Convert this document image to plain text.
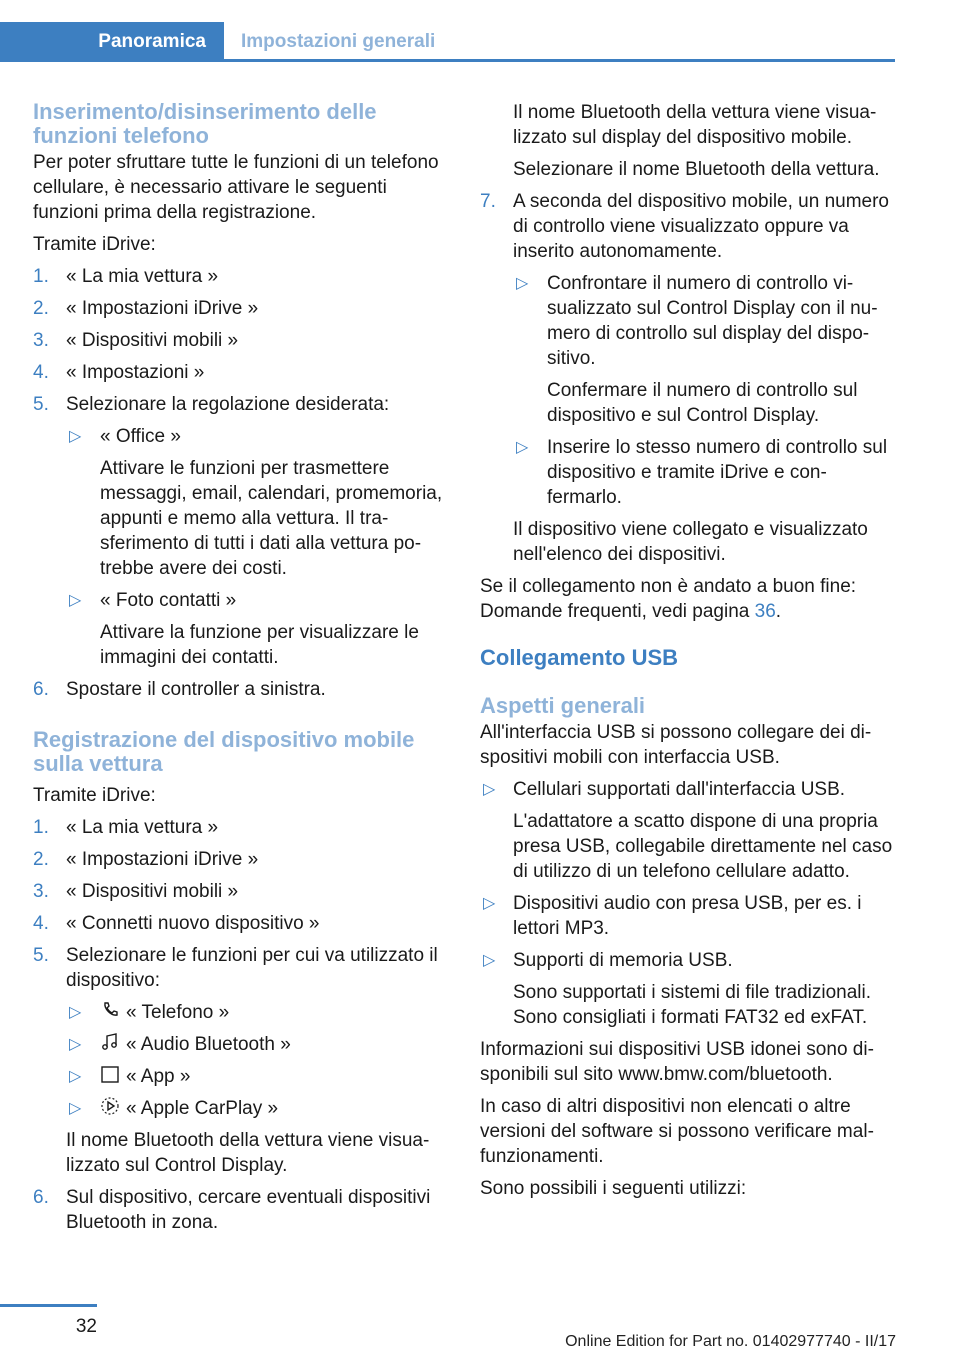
Panoramica	Impostazioni generali
Inserimento/disinserimento delle funzioni telefono

Per poter sfruttare tutte le funzioni di un telefono cellulare, è necessario attivare le seguenti funzioni prima della registrazione.

Tramite iDrive:

1. « La mia vettura »
2. « Impostazioni iDrive »
3. « Dispositivi mobili »
4. « Impostazioni »
5. Selezionare la regolazione desiderata:
▷ « Office »
Attivare le funzioni per trasmettere messaggi, email, calendari, promemoria, appunti e memo alla vettura. Il trasferimento di tutti i dati alla vettura potrebbe avere dei costi.
▷ « Foto contatti »
Attivare la funzione per visualizzare le immagini dei contatti.
6. Spostare il controller a sinistra.
Registrazione del dispositivo mobile sulla vettura

Tramite iDrive:

1. « La mia vettura »
2. « Impostazioni iDrive »
3. « Dispositivi mobili »
4. « Connetti nuovo dispositivo »
5. Selezionare le funzioni per cui va utilizzato il dispositivo:
▷ « Telefono »
▷ « Audio Bluetooth »
▷ « App »
▷ « Apple CarPlay »
Il nome Bluetooth della vettura viene visualizzato sul Control Display.
6. Sul dispositivo, cercare eventuali dispositivi Bluetooth in zona.

Il nome Bluetooth della vettura viene visualizzato sul display del dispositivo mobile.

Selezionare il nome Bluetooth della vettura.

7. A seconda del dispositivo mobile, un numero di controllo viene visualizzato oppure va inserito autonomamente.
▷ Confrontare il numero di controllo visualizzato sul Control Display con il numero di controllo sul display del dispositivo.
Confermare il numero di controllo sul dispositivo e sul Control Display.
▷ Inserire lo stesso numero di controllo sul dispositivo e tramite iDrive e confermarlo.
Il dispositivo viene collegato e visualizzato nell'elenco dei dispositivi.

Se il collegamento non è andato a buon fine: Domande frequenti, vedi pagina 36.

Collegamento USB
Aspetti generali

All'interfaccia USB si possono collegare dei dispositivi mobili con interfaccia USB.

▷ Cellulari supportati dall'interfaccia USB.
L'adattatore a scatto dispone di una propria presa USB, collegabile direttamente nel caso di utilizzo di un telefono cellulare adatto.
▷ Dispositivi audio con presa USB, per es. i lettori MP3.
▷ Supporti di memoria USB.
Sono supportati i sistemi di file tradizionali. Sono consigliati i formati FAT32 ed exFAT.

Informazioni sui dispositivi USB idonei sono disponibili sul sito www.bmw.com/bluetooth.

In caso di altri dispositivi non elencati o altre versioni del software si possono verificare malfunzionamenti.

Sono possibili i seguenti utilizzi:

32
Online Edition for Part no. 01402977740 - II/17
